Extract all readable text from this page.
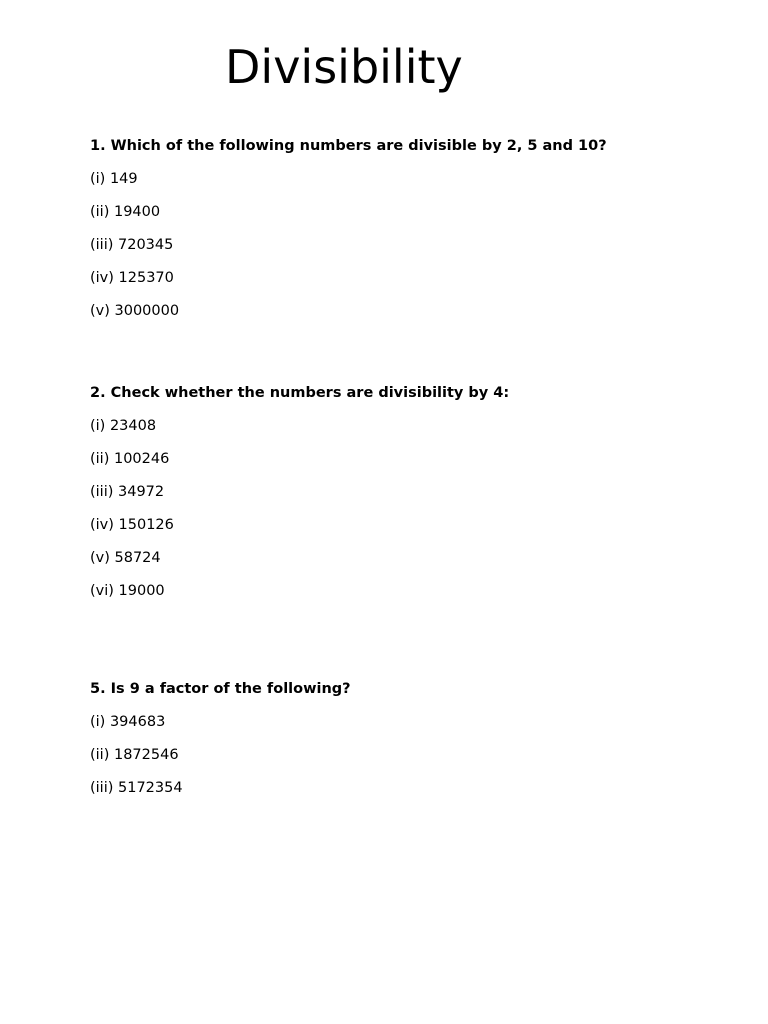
Divisibility

1. Which of the following numbers are divisible by 2, 5 and 10?

(i) 149
(ii) 19400
(iii) 720345
(iv) 125370
(v) 3000000

2. Check whether the numbers are divisibility by 4:

(i) 23408
(ii) 100246
(iii) 34972
(iv) 150126
(v) 58724
(vi) 19000

5. Is 9 a factor of the following?

(i) 394683
(ii) 1872546
(iii) 5172354
